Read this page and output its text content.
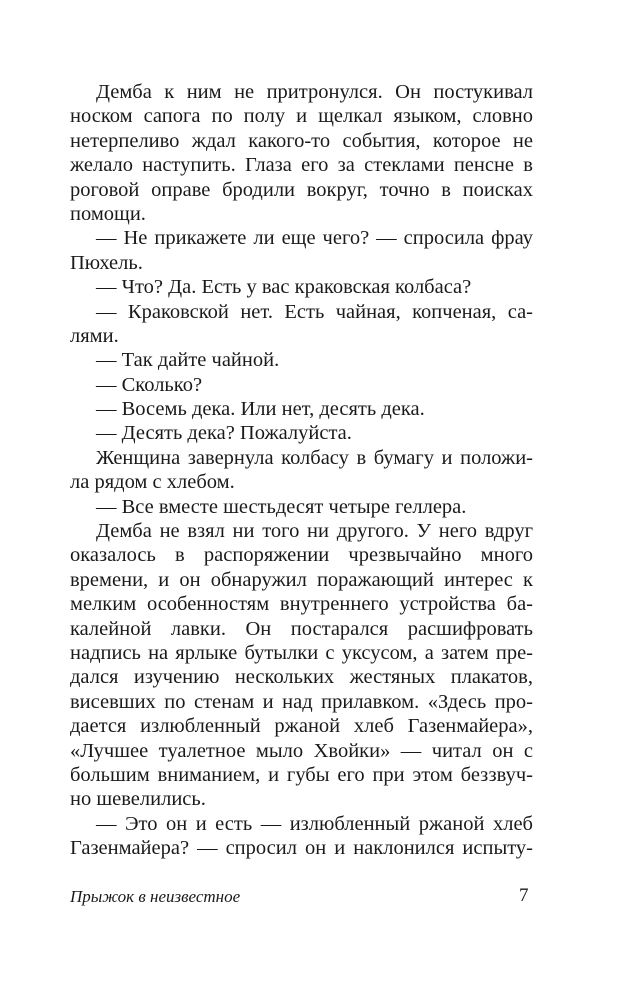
Демба к ним не притронулся. Он постукивал
носком сапога по полу и щелкал языком, словно
нетерпеливо ждал какого-то события, которое не
желало наступить. Глаза его за стеклами пенсне в
роговой оправе бродили вокруг, точно в поисках
помощи.
— Не прикажете ли еще чего? — спросила фрау
Пюхель.
— Что? Да. Есть у вас краковская колбаса?
— Краковской нет. Есть чайная, копченая, са-
лями.
— Так дайте чайной.
— Сколько?
— Восемь дека. Или нет, десять дека.
— Десять дека? Пожалуйста.
Женщина завернула колбасу в бумагу и положи-
ла рядом с хлебом.
— Все вместе шестьдесят четыре геллера.
Демба не взял ни того ни другого. У него вдруг
оказалось в распоряжении чрезвычайно много
времени, и он обнаружил поражающий интерес к
мелким особенностям внутреннего устройства ба-
калейной лавки. Он постарался расшифровать
надпись на ярлыке бутылки с уксусом, а затем пре-
дался изучению нескольких жестяных плакатов,
висевших по стенам и над прилавком. «Здесь про-
дается излюбленный ржаной хлеб Газенмайера»,
«Лучшее туалетное мыло Хвойки» — читал он с
большим вниманием, и губы его при этом беззвуч-
но шевелились.
— Это он и есть — излюбленный ржаной хлеб
Газенмайера? — спросил он и наклонился испыту-
Прыжок в неизвестное	7
